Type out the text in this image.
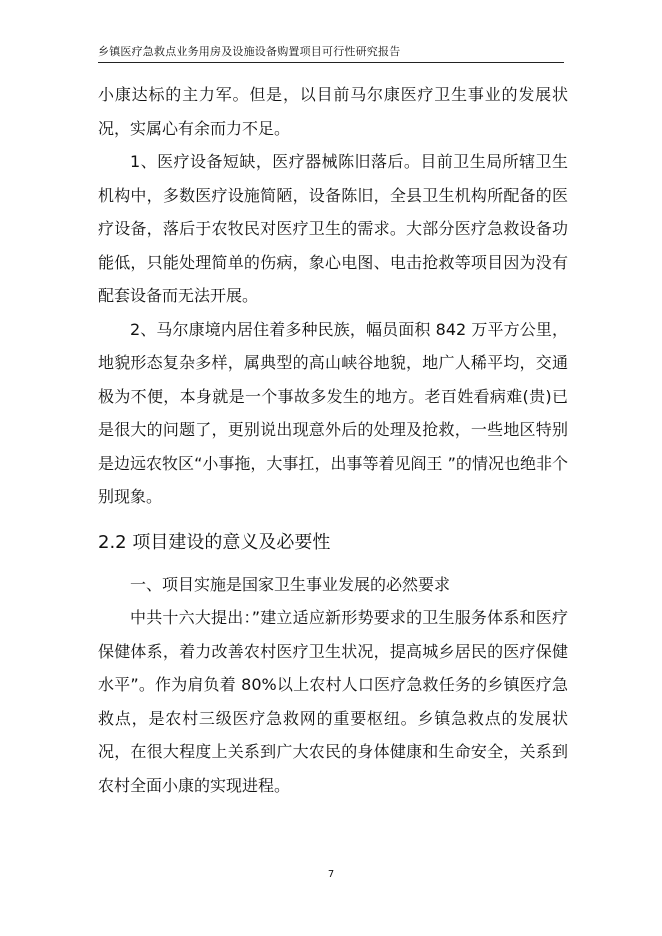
乡镇医疗急救点业务用房及设施设备购置项目可行性研究报告

小康达标的主力军。但是，以目前马尔康医疗卫生事业的发展状况，实属心有余而力不足。

1、医疗设备短缺，医疗器械陈旧落后。目前卫生局所辖卫生机构中，多数医疗设施简陋，设备陈旧，全县卫生机构所配备的医疗设备，落后于农牧民对医疗卫生的需求。大部分医疗急救设备功能低，只能处理简单的伤病，象心电图、电击抢救等项目因为没有配套设备而无法开展。

2、马尔康境内居住着多种民族，幅员面积 842 万平方公里，地貌形态复杂多样，属典型的高山峡谷地貌，地广人稀平均，交通极为不便，本身就是一个事故多发生的地方。老百姓看病难(贵)已是很大的问题了，更别说出现意外后的处理及抢救，一些地区特别是边远农牧区“小事拖，大事扛，出事等着见阎王 ”的情况也绝非个别现象。

2.2 项目建设的意义及必要性

一、项目实施是国家卫生事业发展的必然要求

中共十六大提出：”建立适应新形势要求的卫生服务体系和医疗保健体系，着力改善农村医疗卫生状况，提高城乡居民的医疗保健水平”。作为肩负着 80%以上农村人口医疗急救任务的乡镇医疗急救点，是农村三级医疗急救网的重要枢纽。乡镇急救点的发展状况，在很大程度上关系到广大农民的身体健康和生命安全，关系到农村全面小康的实现进程。

7
